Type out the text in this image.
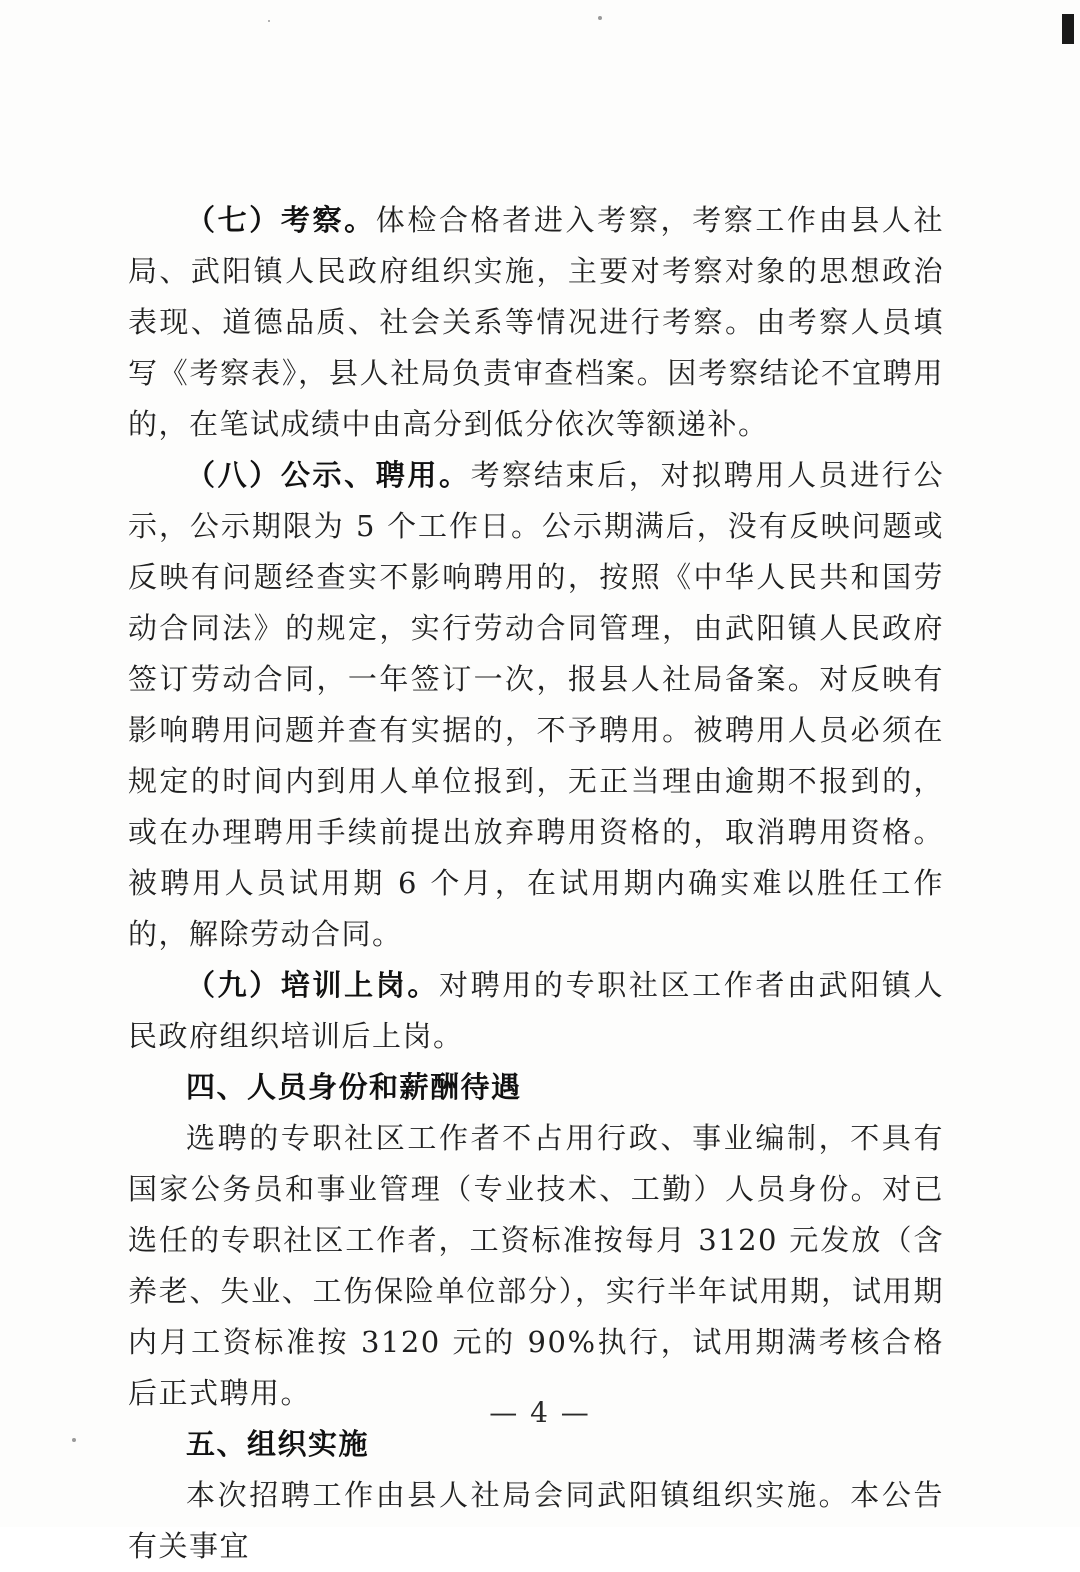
（七）考察。体检合格者进入考察，考察工作由县人社局、武阳镇人民政府组织实施，主要对考察对象的思想政治表现、道德品质、社会关系等情况进行考察。由考察人员填写《考察表》，县人社局负责审查档案。因考察结论不宜聘用的，在笔试成绩中由高分到低分依次等额递补。

（八）公示、聘用。考察结束后，对拟聘用人员进行公示，公示期限为 5 个工作日。公示期满后，没有反映问题或反映有问题经查实不影响聘用的，按照《中华人民共和国劳动合同法》的规定，实行劳动合同管理，由武阳镇人民政府签订劳动合同，一年签订一次，报县人社局备案。对反映有影响聘用问题并查有实据的，不予聘用。被聘用人员必须在规定的时间内到用人单位报到，无正当理由逾期不报到的，或在办理聘用手续前提出放弃聘用资格的，取消聘用资格。被聘用人员试用期 6 个月，在试用期内确实难以胜任工作的，解除劳动合同。

（九）培训上岗。对聘用的专职社区工作者由武阳镇人民政府组织培训后上岗。

四、人员身份和薪酬待遇

选聘的专职社区工作者不占用行政、事业编制，不具有国家公务员和事业管理（专业技术、工勤）人员身份。对已选任的专职社区工作者，工资标准按每月 3120 元发放（含养老、失业、工伤保险单位部分），实行半年试用期，试用期内月工资标准按 3120 元的 90%执行，试用期满考核合格后正式聘用。

五、组织实施

本次招聘工作由县人社局会同武阳镇组织实施。本公告有关事宜

— 4 —
